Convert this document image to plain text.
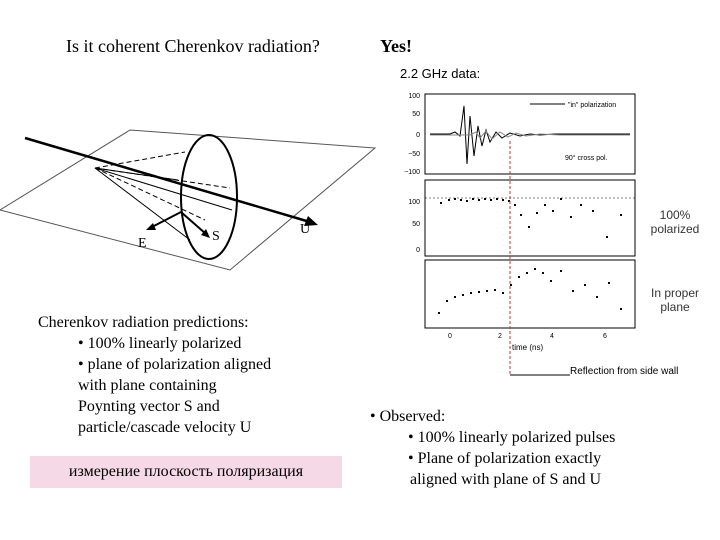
Is it coherent Cherenkov radiation?	Yes!
2.2 GHz data:
E	S	U
Cherenkov radiation predictions:
• 100% linearly polarized
• plane of polarization aligned
with plane containing
Poynting vector S and
particle/cascade velocity U
измерение плоскость поляризация
"in" polarization
90° cross pol.
100
50
0
−50
−100
100
50
0
0	2	4	6
time (ns)
Reflection from side wall
100% polarized
In proper plane
• Observed:
• 100% linearly polarized pulses
• Plane of polarization exactly
aligned with plane of S and U
